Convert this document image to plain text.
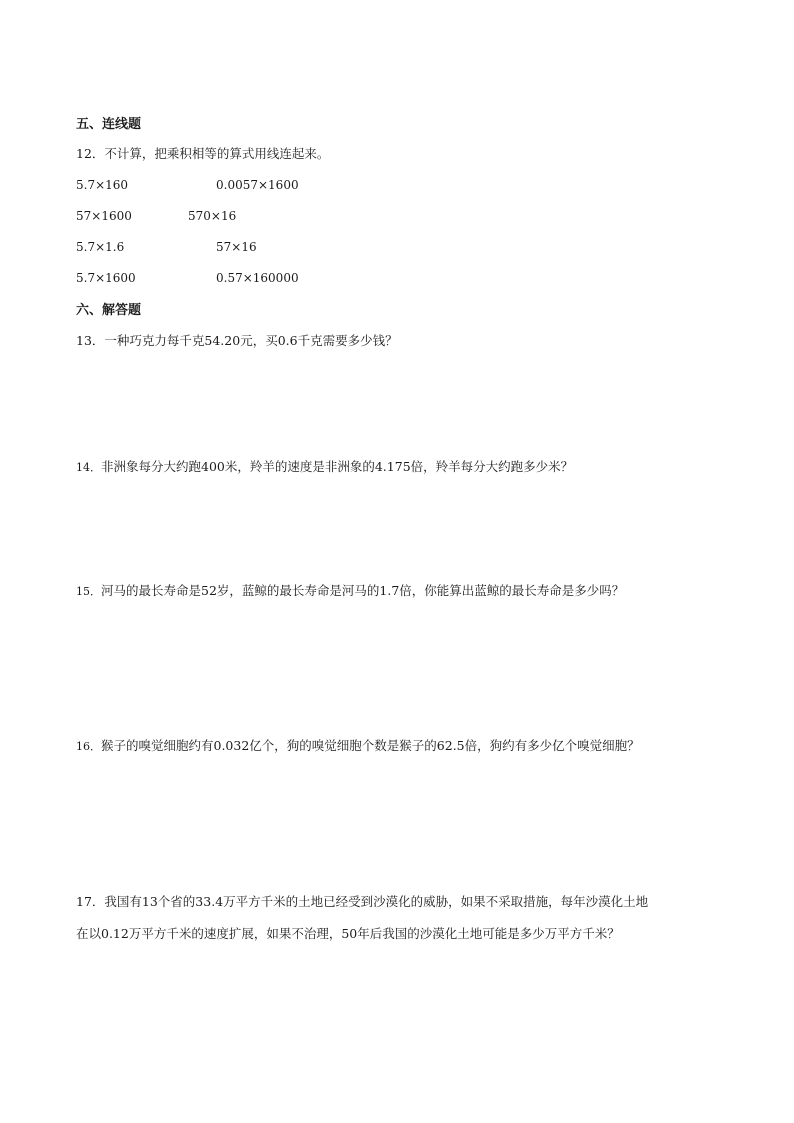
五、连线题
12．不计算，把乘积相等的算式用线连起来。
5.7×160	0.0057×1600
57×1600	570×16
5.7×1.6	57×16
5.7×1600	0.57×160000
六、解答题
13．一种巧克力每千克54.20元，买0.6千克需要多少钱？
14．非洲象每分大约跑400米，羚羊的速度是非洲象的4.175倍，羚羊每分大约跑多少米？
15．河马的最长寿命是52岁，蓝鲸的最长寿命是河马的1.7倍，你能算出蓝鲸的最长寿命是多少吗？
16．猴子的嗅觉细胞约有0.032亿个，狗的嗅觉细胞个数是猴子的62.5倍，狗约有多少亿个嗅觉细胞？
17．我国有13个省的33.4万平方千米的土地已经受到沙漠化的威胁，如果不采取措施，每年沙漠化土地
在以0.12万平方千米的速度扩展，如果不治理，50年后我国的沙漠化土地可能是多少万平方千米？
